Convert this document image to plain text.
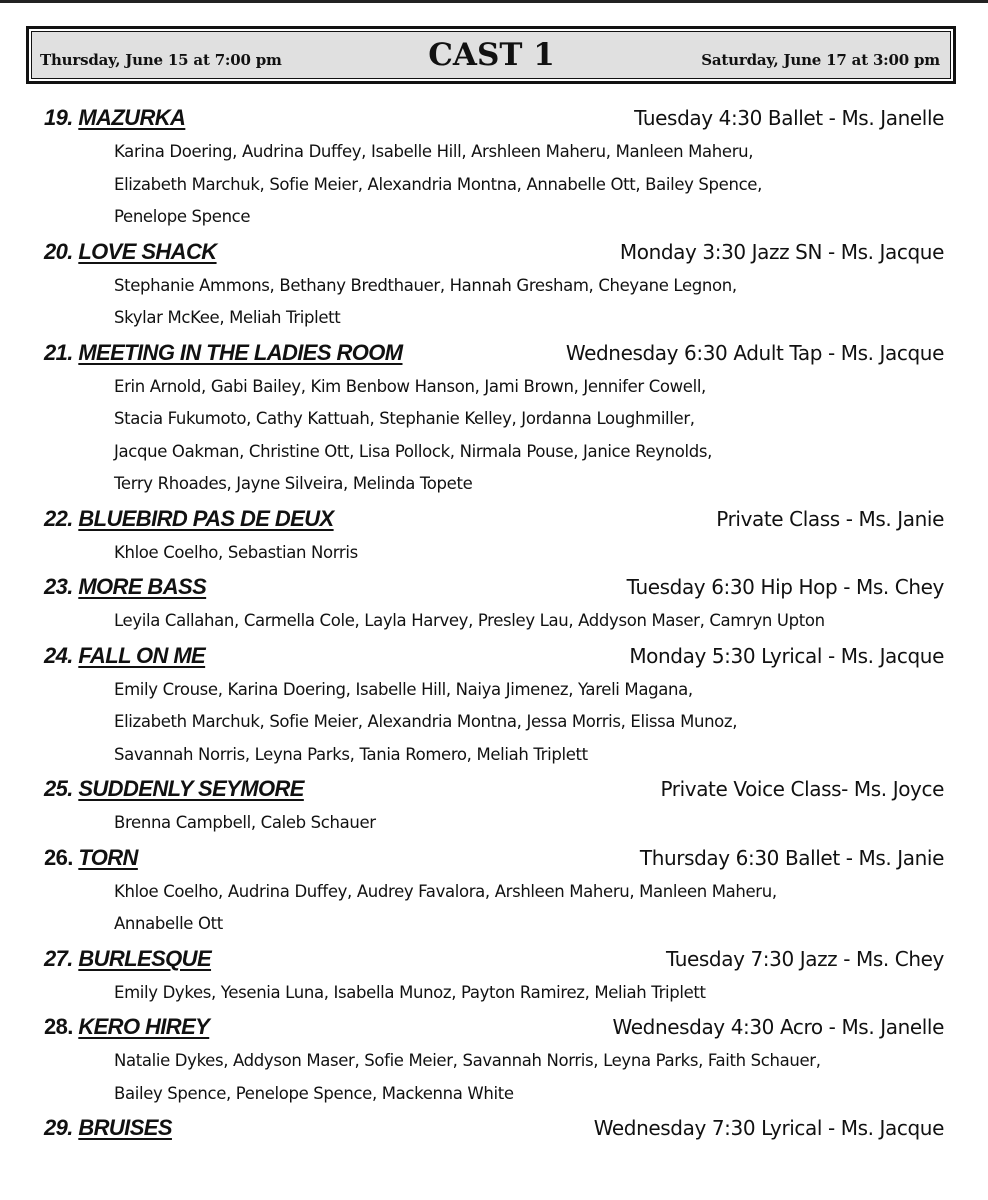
Thursday, June 15 at 7:00 pm	CAST 1	Saturday, June 17 at 3:00 pm
19. MAZURKA	Tuesday 4:30 Ballet - Ms. Janelle
Karina Doering, Audrina Duffey, Isabelle Hill, Arshleen Maheru, Manleen Maheru,
Elizabeth Marchuk, Sofie Meier, Alexandria Montna, Annabelle Ott, Bailey Spence,
Penelope Spence
20. LOVE SHACK	Monday 3:30 Jazz SN - Ms. Jacque
Stephanie Ammons, Bethany Bredthauer, Hannah Gresham, Cheyane Legnon,
Skylar McKee, Meliah Triplett
21. MEETING IN THE LADIES ROOM	Wednesday 6:30 Adult Tap - Ms. Jacque
Erin Arnold, Gabi Bailey, Kim Benbow Hanson, Jami Brown, Jennifer Cowell,
Stacia Fukumoto, Cathy Kattuah, Stephanie Kelley, Jordanna Loughmiller,
Jacque Oakman, Christine Ott, Lisa Pollock, Nirmala Pouse, Janice Reynolds,
Terry Rhoades, Jayne Silveira, Melinda Topete
22. BLUEBIRD PAS DE DEUX	Private Class - Ms. Janie
Khloe Coelho, Sebastian Norris
23. MORE BASS	Tuesday 6:30 Hip Hop - Ms. Chey
Leyila Callahan, Carmella Cole, Layla Harvey, Presley Lau, Addyson Maser, Camryn Upton
24. FALL ON ME	Monday 5:30 Lyrical - Ms. Jacque
Emily Crouse, Karina Doering, Isabelle Hill, Naiya Jimenez, Yareli Magana,
Elizabeth Marchuk, Sofie Meier, Alexandria Montna, Jessa Morris, Elissa Munoz,
Savannah Norris, Leyna Parks, Tania Romero, Meliah Triplett
25. SUDDENLY SEYMORE	Private Voice Class- Ms. Joyce
Brenna Campbell, Caleb Schauer
26. TORN	Thursday 6:30 Ballet - Ms. Janie
Khloe Coelho, Audrina Duffey, Audrey Favalora, Arshleen Maheru, Manleen Maheru,
Annabelle Ott
27. BURLESQUE	Tuesday 7:30 Jazz - Ms. Chey
Emily Dykes, Yesenia Luna, Isabella Munoz, Payton Ramirez, Meliah Triplett
28. KERO HIREY	Wednesday 4:30 Acro - Ms. Janelle
Natalie Dykes, Addyson Maser, Sofie Meier, Savannah Norris, Leyna Parks, Faith Schauer,
Bailey Spence, Penelope Spence, Mackenna White
29. BRUISES	Wednesday 7:30 Lyrical - Ms. Jacque
